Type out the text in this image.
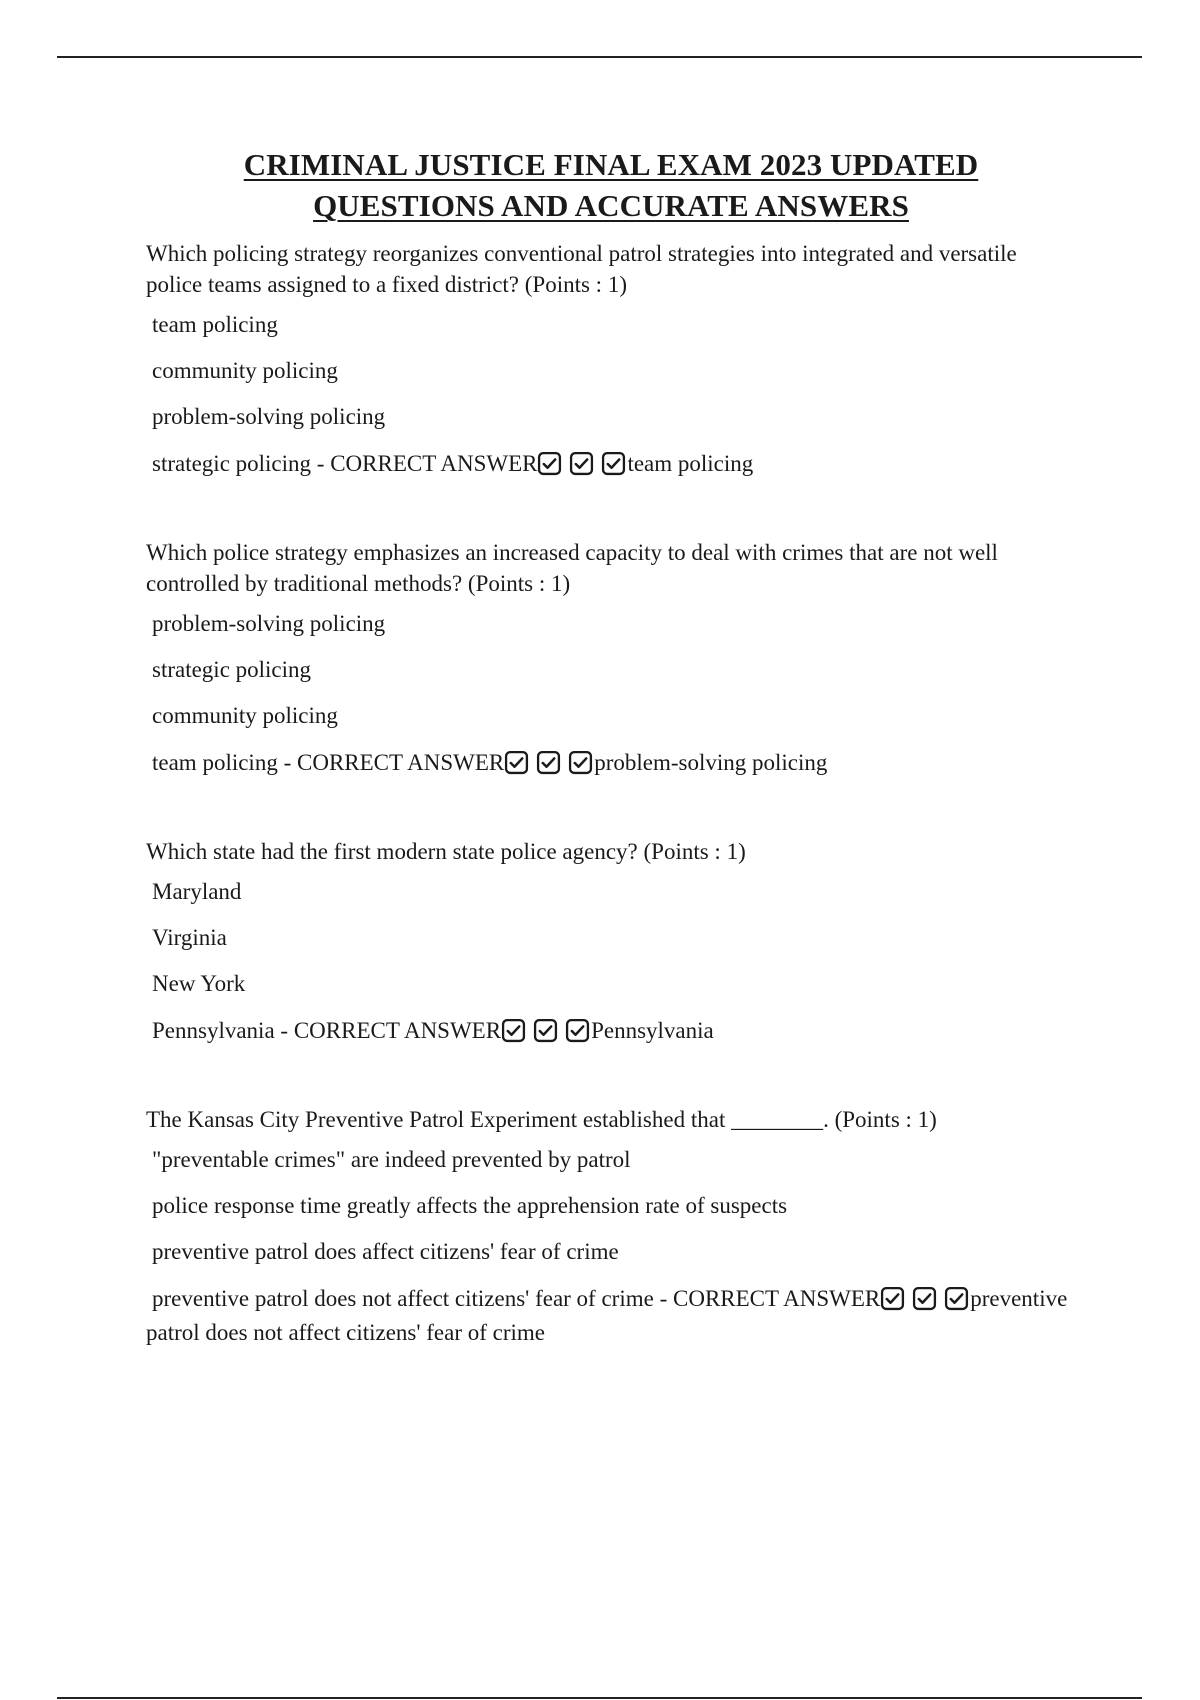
CRIMINAL JUSTICE FINAL EXAM 2023 UPDATED
QUESTIONS AND ACCURATE ANSWERS

Which policing strategy reorganizes conventional patrol strategies into integrated and versatile police teams assigned to a fixed district? (Points : 1)

team policing

community policing

problem-solving policing

strategic policing - CORRECT ANSWER	team policing

Which police strategy emphasizes an increased capacity to deal with crimes that are not well controlled by traditional methods? (Points : 1)

problem-solving policing

strategic policing

community policing

team policing - CORRECT ANSWER	problem-solving policing

Which state had the first modern state police agency? (Points : 1)

Maryland

Virginia

New York

Pennsylvania - CORRECT ANSWER	Pennsylvania

The Kansas City Preventive Patrol Experiment established that ________. (Points : 1)

"preventable crimes" are indeed prevented by patrol

police response time greatly affects the apprehension rate of suspects

preventive patrol does affect citizens' fear of crime

preventive patrol does not affect citizens' fear of crime - CORRECT ANSWER	preventive patrol does not affect citizens' fear of crime
